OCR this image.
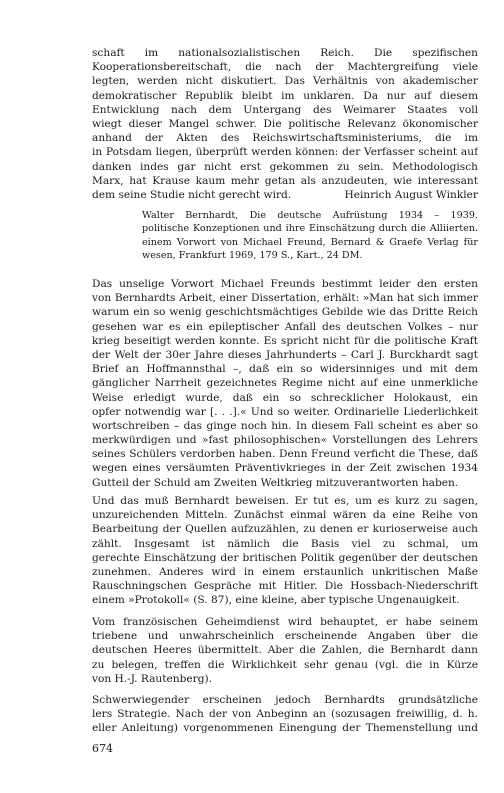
schaft im nationalsozialistischen Reich. Die spezifischen
Kooperationsbereitschaft, die nach der Machtergreifung viele
legten, werden nicht diskutiert. Das Verhältnis von akademischer
demokratischer Republik bleibt im unklaren. Da nur auf diesem
Entwicklung nach dem Untergang des Weimarer Staates voll
wiegt dieser Mangel schwer. Die politische Relevanz ökonomischer
anhand der Akten des Reichswirtschaftsministeriums, die im
in Potsdam liegen, überprüft werden können: der Verfasser scheint auf
danken indes gar nicht erst gekommen zu sein. Methodologisch
Marx, hat Krause kaum mehr getan als anzudeuten, wie interessant
dem seine Studie nicht gerecht wird.	Heinrich August Winkler
Walter Bernhardt, Die deutsche Aufrüstung 1934 – 1939.
politische Konzeptionen und ihre Einschätzung durch die Alliierten.
einem Vorwort von Michael Freund, Bernard & Graefe Verlag für
wesen, Frankfurt 1969, 179 S., Kart., 24 DM.
Das unselige Vorwort Michael Freunds bestimmt leider den ersten
von Bernhardts Arbeit, einer Dissertation, erhält: »Man hat sich immer
warum ein so wenig geschichtsmächtiges Gebilde wie das Dritte Reich
gesehen war es ein epileptischer Anfall des deutschen Volkes – nur
krieg beseitigt werden konnte. Es spricht nicht für die politische Kraft
der Welt der 30er Jahre dieses Jahrhunderts – Carl J. Burckhardt sagt
Brief an Hoffmannsthal –, daß ein so widersinniges und mit dem
gänglicher Narrheit gezeichnetes Regime nicht auf eine unmerkliche
Weise erledigt wurde, daß ein so schrecklicher Holokaust, ein
opfer notwendig war [. . .].« Und so weiter. Ordinarielle Liederlichkeit
wortschreiben – das ginge noch hin. In diesem Fall scheint es aber so
merkwürdigen und »fast philosophischen« Vorstellungen des Lehrers
seines Schülers verdorben haben. Denn Freund verficht die These, daß
wegen eines versäumten Präventivkrieges in der Zeit zwischen 1934
Gutteil der Schuld am Zweiten Weltkrieg mitzuverantworten haben.
Und das muß Bernhardt beweisen. Er tut es, um es kurz zu sagen,
unzureichenden Mitteln. Zunächst einmal wären da eine Reihe von
Bearbeitung der Quellen aufzuzählen, zu denen er kurioserweise auch
zählt. Insgesamt ist nämlich die Basis viel zu schmal, um
gerechte Einschätzung der britischen Politik gegenüber der deutschen
zunehmen. Anderes wird in einem erstaunlich unkritischen Maße
Rauschningschen Gespräche mit Hitler. Die Hossbach-Niederschrift
einem »Protokoll« (S. 87), eine kleine, aber typische Ungenauigkeit.
Vom französischen Geheimdienst wird behauptet, er habe seinem
triebene und unwahrscheinlich erscheinende Angaben über die
deutschen Heeres übermittelt. Aber die Zahlen, die Bernhardt dann
zu belegen, treffen die Wirklichkeit sehr genau (vgl. die in Kürze
von H.-J. Rautenberg).
Schwerwiegender erscheinen jedoch Bernhardts grundsätzliche
lers Strategie. Nach der von Anbeginn an (sozusagen freiwillig, d. h.
eller Anleitung) vorgenommenen Einengung der Themenstellung und
674
